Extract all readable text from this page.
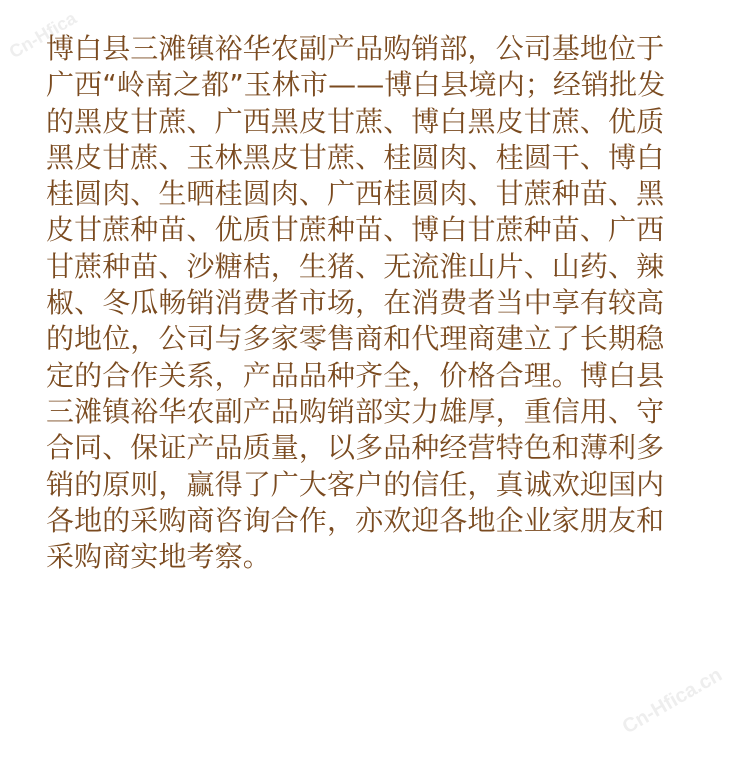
Cn-Hfica
Cn-Hfica.cn
博白县三滩镇裕华农副产品购销部，公司基地位于
广西“岭南之都”玉林市——博白县境内；经销批发
的黑皮甘蔗、广西黑皮甘蔗、博白黑皮甘蔗、优质
黑皮甘蔗、玉林黑皮甘蔗、桂圆肉、桂圆干、博白
桂圆肉、生晒桂圆肉、广西桂圆肉、甘蔗种苗、黑
皮甘蔗种苗、优质甘蔗种苗、博白甘蔗种苗、广西
甘蔗种苗、沙糖桔，生猪、无流淮山片、山药、辣
椒、冬瓜畅销消费者市场，在消费者当中享有较高
的地位，公司与多家零售商和代理商建立了长期稳
定的合作关系，产品品种齐全，价格合理。博白县
三滩镇裕华农副产品购销部实力雄厚，重信用、守
合同、保证产品质量，以多品种经营特色和薄利多
销的原则，赢得了广大客户的信任，真诚欢迎国内
各地的采购商咨询合作，亦欢迎各地企业家朋友和
采购商实地考察。
